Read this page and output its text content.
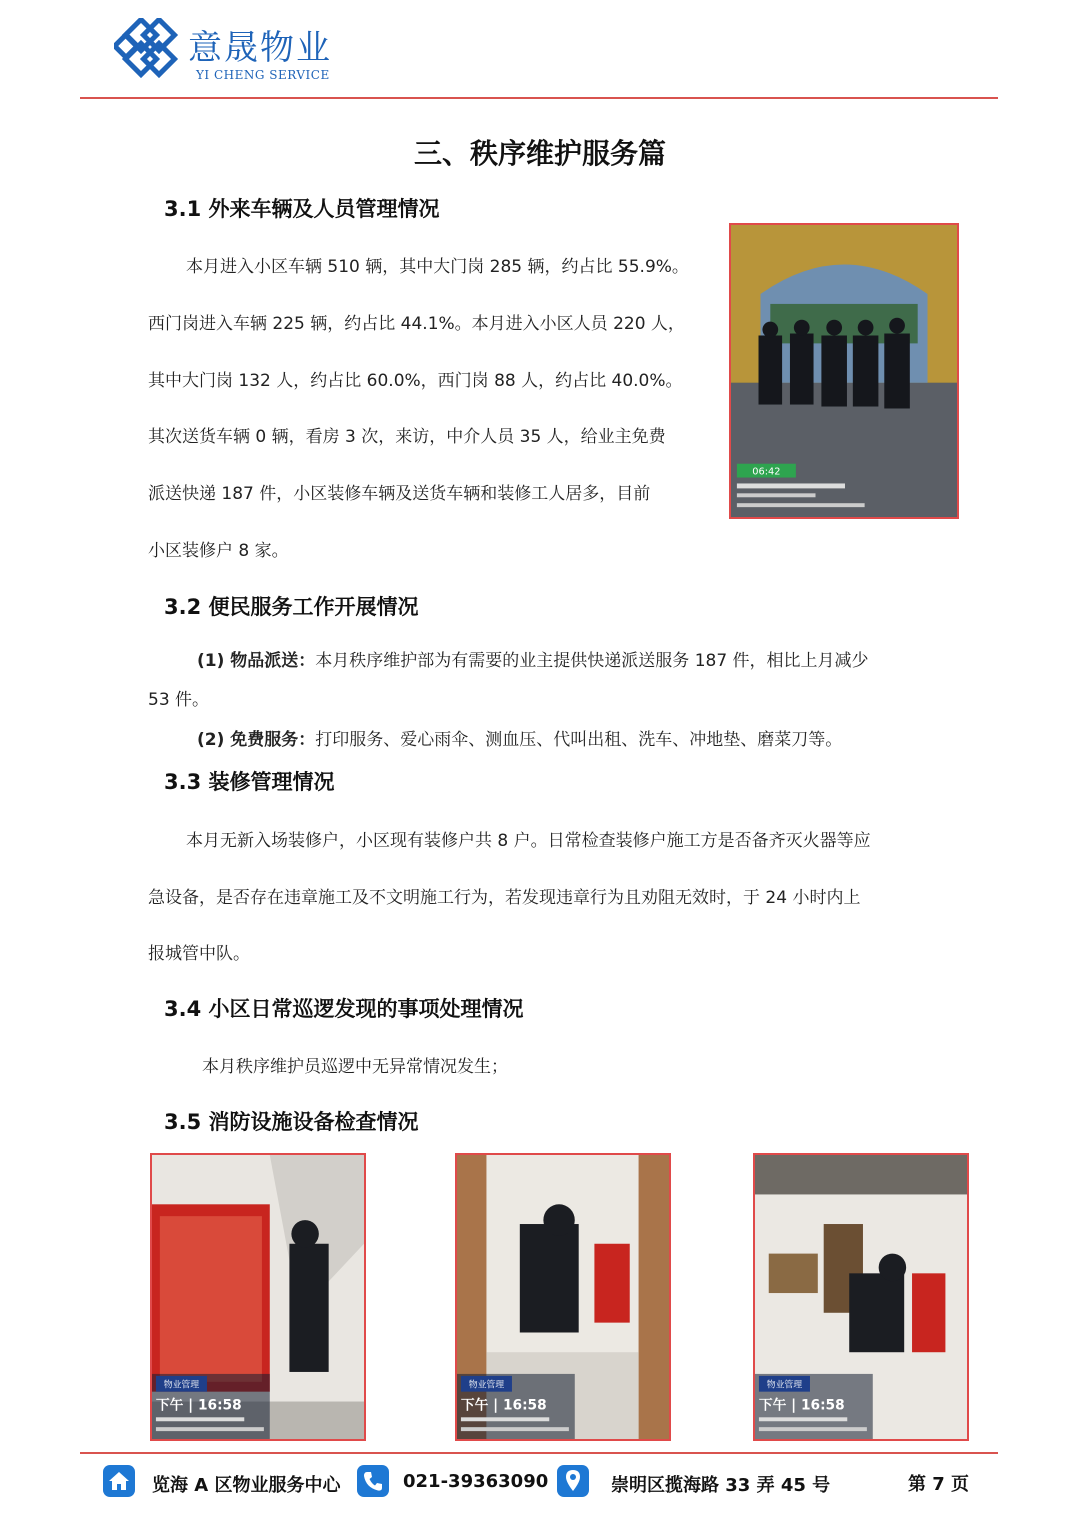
意晟物业
YI CHENG SERVICE
三、秩序维护服务篇
3.1 外来车辆及人员管理情况
本月进入小区车辆 510 辆，其中大门岗 285 辆，约占比 55.9%。
西门岗进入车辆 225 辆，约占比 44.1%。本月进入小区人员 220 人，
其中大门岗 132 人，约占比 60.0%，西门岗 88 人，约占比 40.0%。
其次送货车辆 0 辆，看房 3 次，来访，中介人员 35 人，给业主免费
派送快递 187 件，小区装修车辆及送货车辆和装修工人居多，目前
小区装修户 8 家。
06:42
3.2 便民服务工作开展情况
(1) 物品派送：本月秩序维护部为有需要的业主提供快递派送服务 187 件，相比上月减少
53 件。
(2) 免费服务：打印服务、爱心雨伞、测血压、代叫出租、洗车、冲地垫、磨菜刀等。
3.3 装修管理情况
本月无新入场装修户，小区现有装修户共 8 户。日常检查装修户施工方是否备齐灭火器等应
急设备，是否存在违章施工及不文明施工行为，若发现违章行为且劝阻无效时，于 24 小时内上
报城管中队。
3.4 小区日常巡逻发现的事项处理情况
本月秩序维护员巡逻中无异常情况发生；
3.5 消防设施设备检查情况
物业管理
下午 | 16:58
物业管理
下午 | 16:58
物业管理
下午 | 16:58
览海 A 区物业服务中心	021-39363090	崇明区揽海路 33 弄 45 号	第 7 页
